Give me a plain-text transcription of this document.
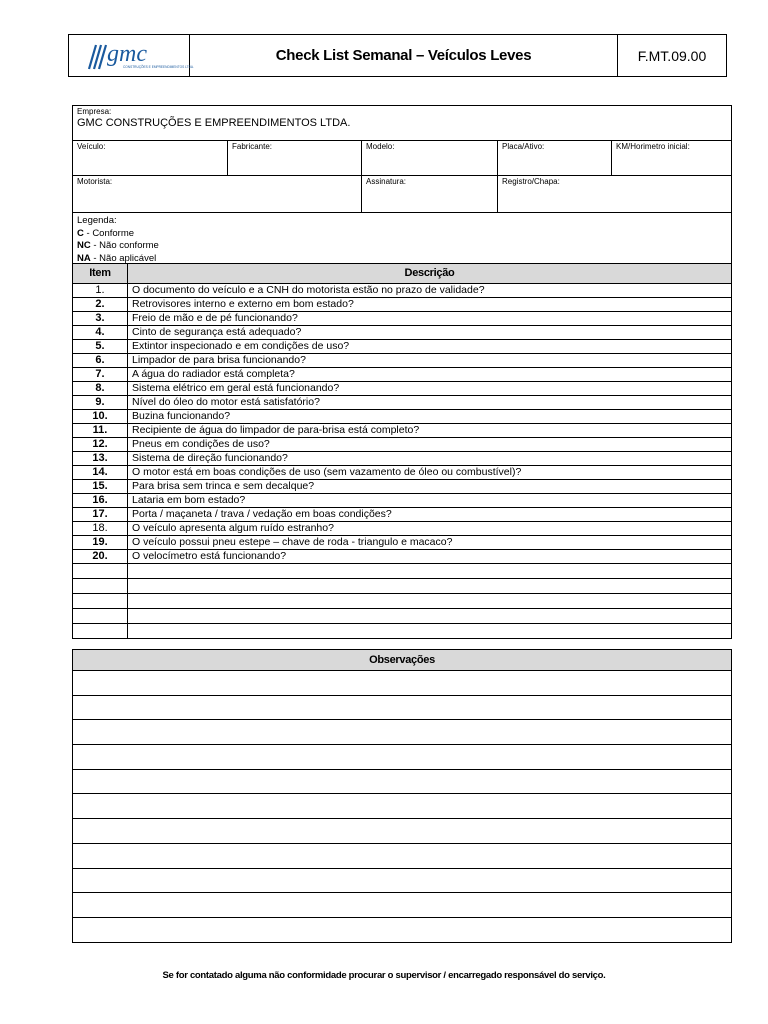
gmc
CONSTRUÇÕES E EMPREENDIMENTOS LTDA.
Check List Semanal – Veículos Leves	F.MT.09.00
Empresa:
GMC CONSTRUÇÕES E EMPREENDIMENTOS LTDA.
Veículo:	Fabricante:	Modelo:	Placa/Ativo:	KM/Horimetro inicial:
Motorista:	Assinatura:	Registro/Chapa:
Legenda:
C - Conforme
NC - Não conforme
NA - Não aplicável
Item	Descrição
1.	O documento do veículo e a CNH do motorista estão no prazo de validade?
2.	Retrovisores interno e externo em bom estado?
3.	Freio de mão e de pé funcionando?
4.	Cinto de segurança está adequado?
5.	Extintor inspecionado e em condições de uso?
6.	Limpador de para brisa funcionando?
7.	A água do radiador está completa?
8.	Sistema elétrico em geral está funcionando?
9.	Nível do óleo do motor está satisfatório?
10.	Buzina funcionando?
11.	Recipiente de água do limpador de para-brisa está completo?
12.	Pneus em condições de uso?
13.	Sistema de direção funcionando?
14.	O motor está em boas condições de uso (sem vazamento de óleo ou combustível)?
15.	Para brisa sem trinca e sem decalque?
16.	Lataria em bom estado?
17.	Porta / maçaneta / trava / vedação em boas condições?
18.	O veículo apresenta algum ruído estranho?
19.	O veículo possui pneu estepe – chave de roda - triangulo e macaco?
20.	O velocímetro está funcionando?

Observações

Se for contatado alguma não conformidade procurar o supervisor / encarregado responsável do serviço.
